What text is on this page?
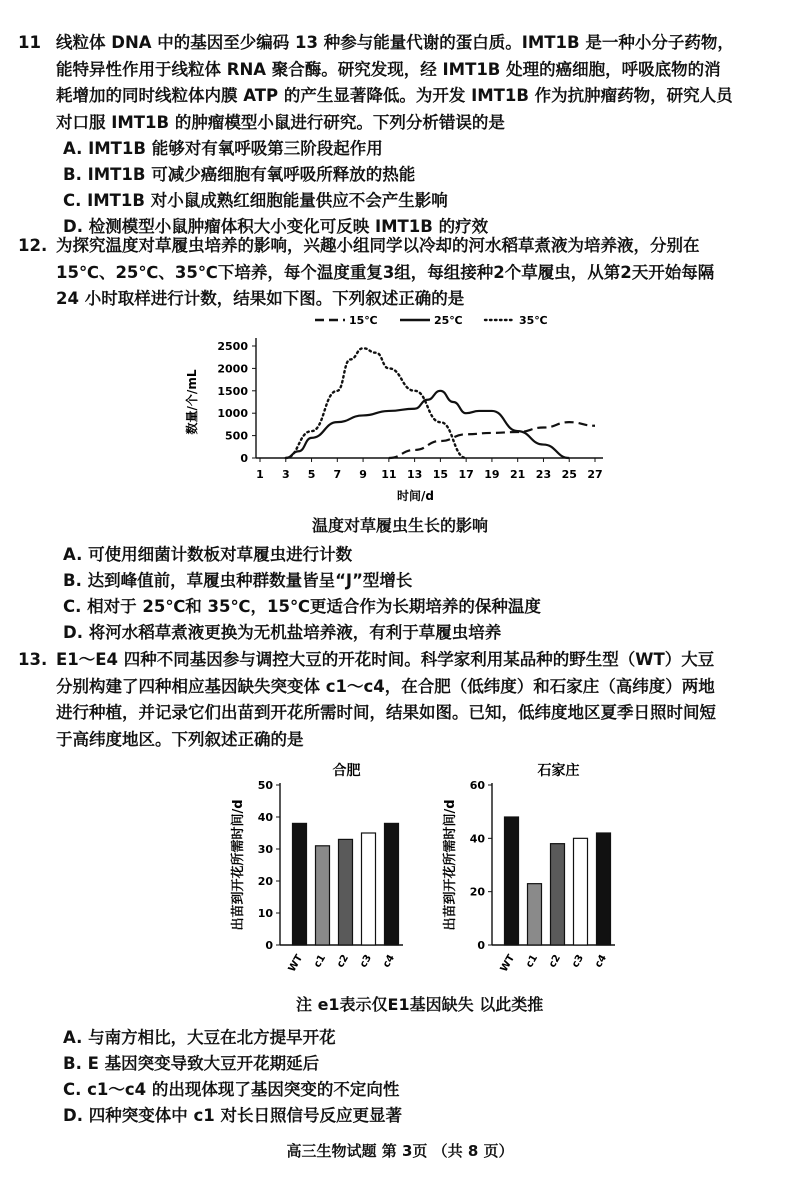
11 线粒体 DNA 中的基因至少编码 13 种参与能量代谢的蛋白质。IMT1B 是一种小分子药物，
能特异性作用于线粒体 RNA 聚合酶。研究发现，经 IMT1B 处理的癌细胞，呼吸底物的消
耗增加的同时线粒体内膜 ATP 的产生显著降低。为开发 IMT1B 作为抗肿瘤药物，研究人员
对口服 IMT1B 的肿瘤模型小鼠进行研究。下列分析错误的是
A. IMT1B 能够对有氧呼吸第三阶段起作用
B. IMT1B 可减少癌细胞有氧呼吸所释放的热能
C. IMT1B 对小鼠成熟红细胞能量供应不会产生影响
D. 检测模型小鼠肿瘤体积大小变化可反映 IMT1B 的疗效
12. 为探究温度对草履虫培养的影响，兴趣小组同学以冷却的河水稻草煮液为培养液，分别在
15℃、25℃、35℃下培养，每个温度重复3组，每组接种2个草履虫，从第2天开始每隔
24 小时取样进行计数，结果如下图。下列叙述正确的是
0
500
1000
1500
2000
2500
1 3 5 7 9 11 13 15 17 19 21 23 25 27
时间/d
数量/个/mL
15℃	25℃	35℃
温度对草履虫生长的影响
A. 可使用细菌计数板对草履虫进行计数
B. 达到峰值前，草履虫种群数量皆呈“J”型增长
C. 相对于 25℃和 35℃，15℃更适合作为长期培养的保种温度
D. 将河水稻草煮液更换为无机盐培养液，有利于草履虫培养
13. E1～E4 四种不同基因参与调控大豆的开花时间。科学家利用某品种的野生型（WT）大豆
分别构建了四种相应基因缺失突变体 c1～c4，在合肥（低纬度）和石家庄（高纬度）两地
进行种植，并记录它们出苗到开花所需时间，结果如图。已知，低纬度地区夏季日照时间短
于高纬度地区。下列叙述正确的是
合肥
0
10
20
30
40
50
出苗到开花所需时间/d
WT c1 c2 c3 c4
石家庄
0
20
40
60
出苗到开花所需时间/d
WT c1 c2 c3 c4
注 e1表示仅E1基因缺失 以此类推
A. 与南方相比，大豆在北方提早开花
B. E 基因突变导致大豆开花期延后
C. c1～c4 的出现体现了基因突变的不定向性
D. 四种突变体中 c1 对长日照信号反应更显著
高三生物试题 第 3页 （共 8 页）
